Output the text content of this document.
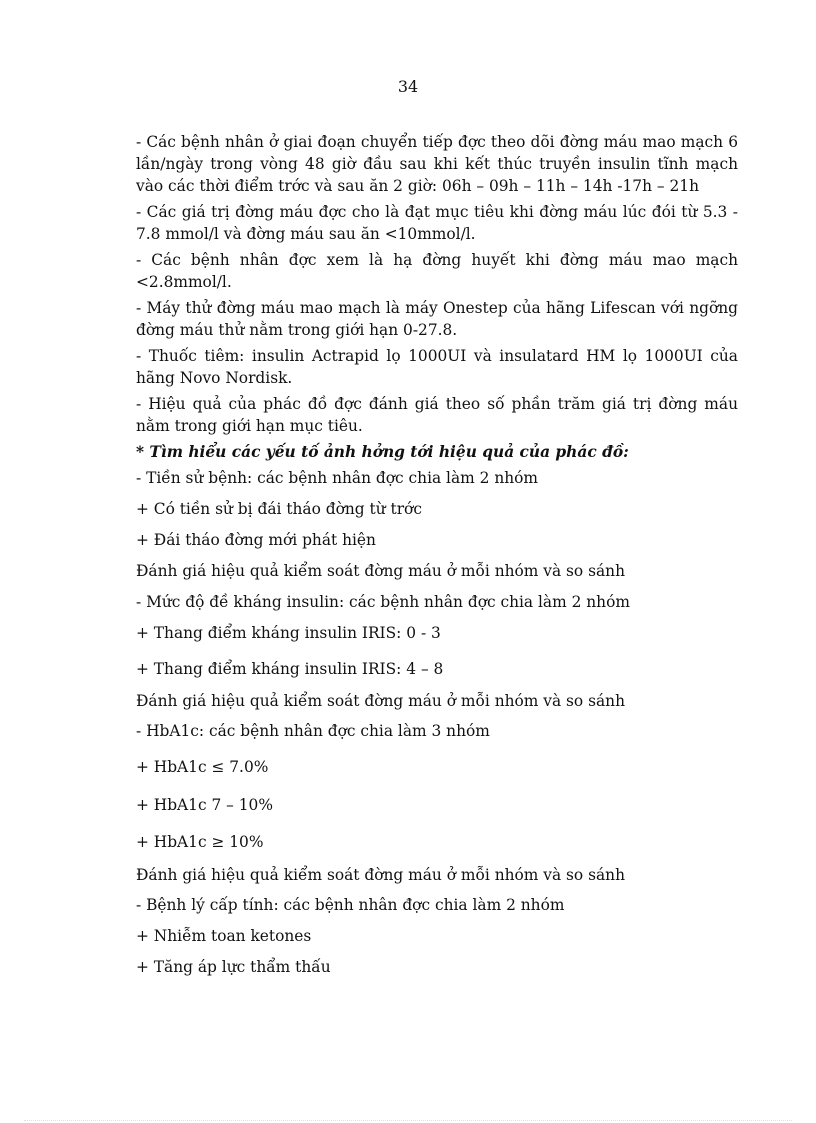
34

- Các bệnh nhân ở giai đoạn chuyển tiếp đợc theo dõi đờng máu mao mạch 6 lần/ngày trong vòng 48 giờ đầu sau khi kết thúc truyền insulin tĩnh mạch vào các thời điểm trớc và sau ăn 2 giờ: 06h – 09h – 11h – 14h -17h – 21h

- Các giá trị đờng máu đợc cho là đạt mục tiêu khi đờng máu lúc đói từ 5.3 - 7.8 mmol/l và đờng máu sau ăn <10mmol/l.

- Các bệnh nhân đợc xem là hạ đờng huyết khi đờng máu mao mạch <2.8mmol/l.

- Máy thử đờng máu mao mạch là máy Onestep của hãng Lifescan với ngỡng đờng máu thử nằm trong giới hạn 0-27.8.

- Thuốc tiêm: insulin Actrapid lọ 1000UI và insulatard HM lọ 1000UI của hãng Novo Nordisk.

- Hiệu quả của phác đồ đợc đánh giá theo số phần trăm giá trị đờng máu nằm trong giới hạn mục tiêu.

* Tìm hiểu các yếu tố ảnh hởng tới hiệu quả của phác đồ:

- Tiền sử bệnh: các bệnh nhân đợc chia làm 2 nhóm

+ Có tiền sử bị đái tháo đờng từ trớc

+ Đái tháo đờng mới phát hiện

Đánh giá hiệu quả kiểm soát đờng máu ở mỗi nhóm và so sánh

- Mức độ đề kháng insulin: các bệnh nhân đợc chia làm 2 nhóm

+ Thang điểm kháng insulin IRIS: 0 - 3

+ Thang điểm kháng insulin IRIS: 4 – 8

Đánh giá hiệu quả kiểm soát đờng máu ở mỗi nhóm và so sánh

- HbA1c: các bệnh nhân đợc chia làm 3 nhóm

+ HbA1c ≤ 7.0%

+ HbA1c 7 – 10%

+ HbA1c ≥ 10%

Đánh giá hiệu quả kiểm soát đờng máu ở mỗi nhóm và so sánh

- Bệnh lý cấp tính: các bệnh nhân đợc chia làm 2 nhóm

+ Nhiễm toan ketones

+ Tăng áp lực thẩm thấu
